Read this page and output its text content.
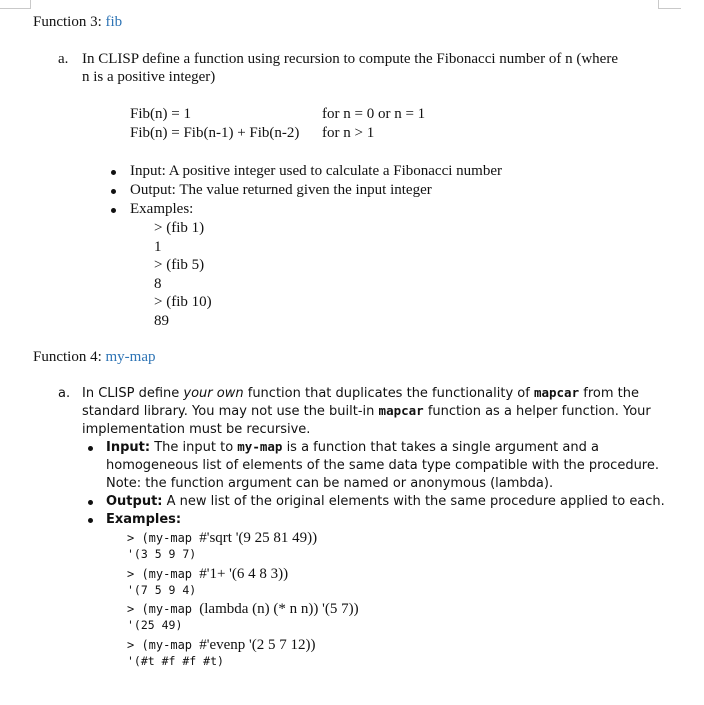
Function 3: fib
a. In CLISP define a function using recursion to compute the Fibonacci number of n (where
n is a positive integer)
Fib(n) = 1	for n = 0 or n = 1
Fib(n) = Fib(n-1) + Fib(n-2) for n > 1
Input: A positive integer used to calculate a Fibonacci number
Output: The value returned given the input integer
Examples:
> (fib 1)
1
> (fib 5)
8
> (fib 10)
89
Function 4: my-map
a. In CLISP define your own function that duplicates the functionality of mapcar from the
standard library. You may not use the built-in mapcar function as a helper function. Your
implementation must be recursive.
Input: The input to my-map is a function that takes a single argument and a
homogeneous list of elements of the same data type compatible with the procedure.
Note: the function argument can be named or anonymous (lambda).
Output: A new list of the original elements with the same procedure applied to each.
Examples:
> (my-map #'sqrt '(9 25 81 49))
'(3 5 9 7)
> (my-map #'1+ '(6 4 8 3))
'(7 5 9 4)
> (my-map (lambda (n) (* n n)) '(5 7))
'(25 49)
> (my-map #'evenp '(2 5 7 12))
'(#t #f #f #t)
